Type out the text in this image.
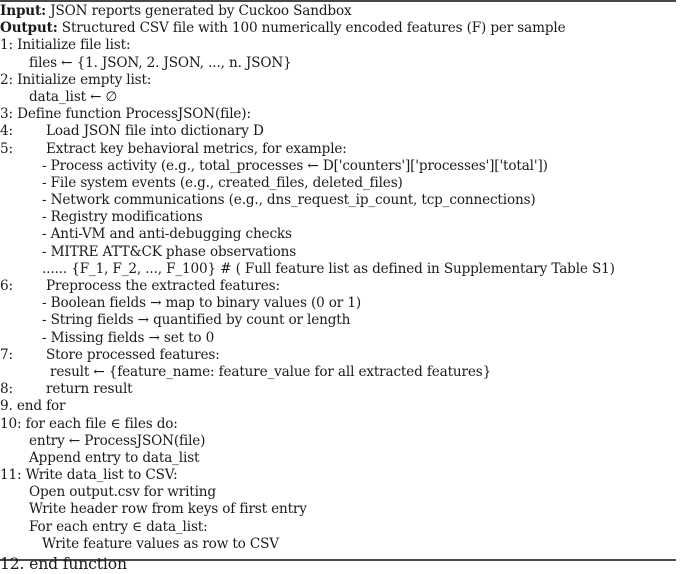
Input: JSON reports generated by Cuckoo Sandbox
Output: Structured CSV file with 100 numerically encoded features (F) per sample
1: Initialize file list:
files ← {1. JSON, 2. JSON, ..., n. JSON}
2: Initialize empty list:
data_list ← ∅
3: Define function ProcessJSON(file):
4: Load JSON file into dictionary D
5: Extract key behavioral metrics, for example:
- Process activity (e.g., total_processes ← D['counters']['processes']['total'])
- File system events (e.g., created_files, deleted_files)
- Network communications (e.g., dns_request_ip_count, tcp_connections)
- Registry modifications
- Anti-VM and anti-debugging checks
- MITRE ATT&CK phase observations
...... {F_1, F_2, ..., F_100} # ( Full feature list as defined in Supplementary Table S1)
6: Preprocess the extracted features:
- Boolean fields → map to binary values (0 or 1)
- String fields → quantified by count or length
- Missing fields → set to 0
7: Store processed features:
result ← {feature_name: feature_value for all extracted features}
8: return result
9. end for
10: for each file ∈ files do:
entry ← ProcessJSON(file)
Append entry to data_list
11: Write data_list to CSV:
Open output.csv for writing
Write header row from keys of first entry
For each entry ∈ data_list:
Write feature values as row to CSV
12. end function
